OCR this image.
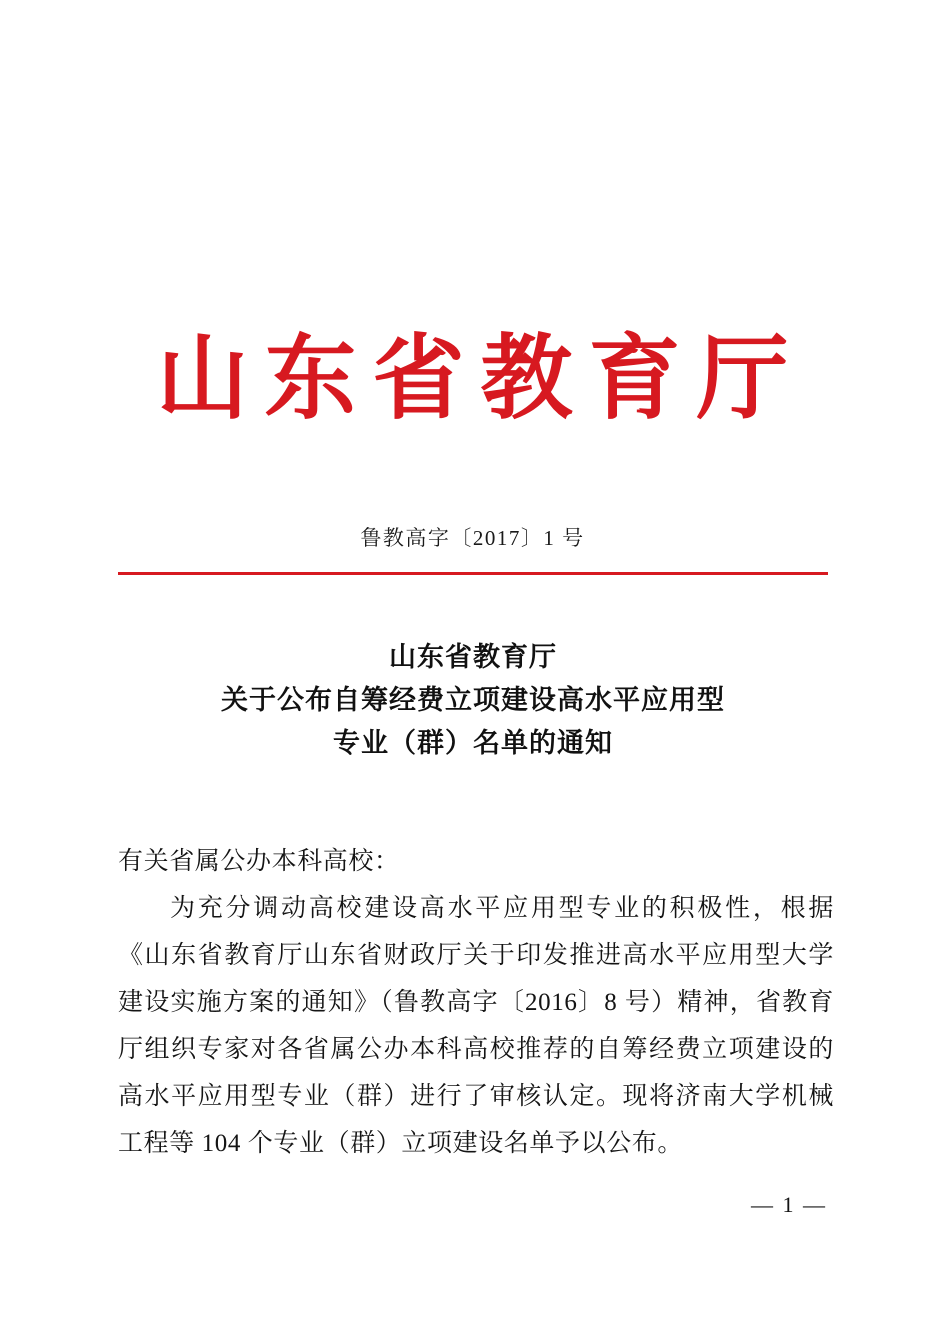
山东省教育厅
鲁教高字〔2017〕1 号
山东省教育厅
关于公布自筹经费立项建设高水平应用型
专业（群）名单的通知

有关省属公办本科高校：

为充分调动高校建设高水平应用型专业的积极性，根据《山东省教育厅山东省财政厅关于印发推进高水平应用型大学建设实施方案的通知》（鲁教高字〔2016〕8 号）精神，省教育厅组织专家对各省属公办本科高校推荐的自筹经费立项建设的高水平应用型专业（群）进行了审核认定。现将济南大学机械工程等 104 个专业（群）立项建设名单予以公布。

— 1 —
